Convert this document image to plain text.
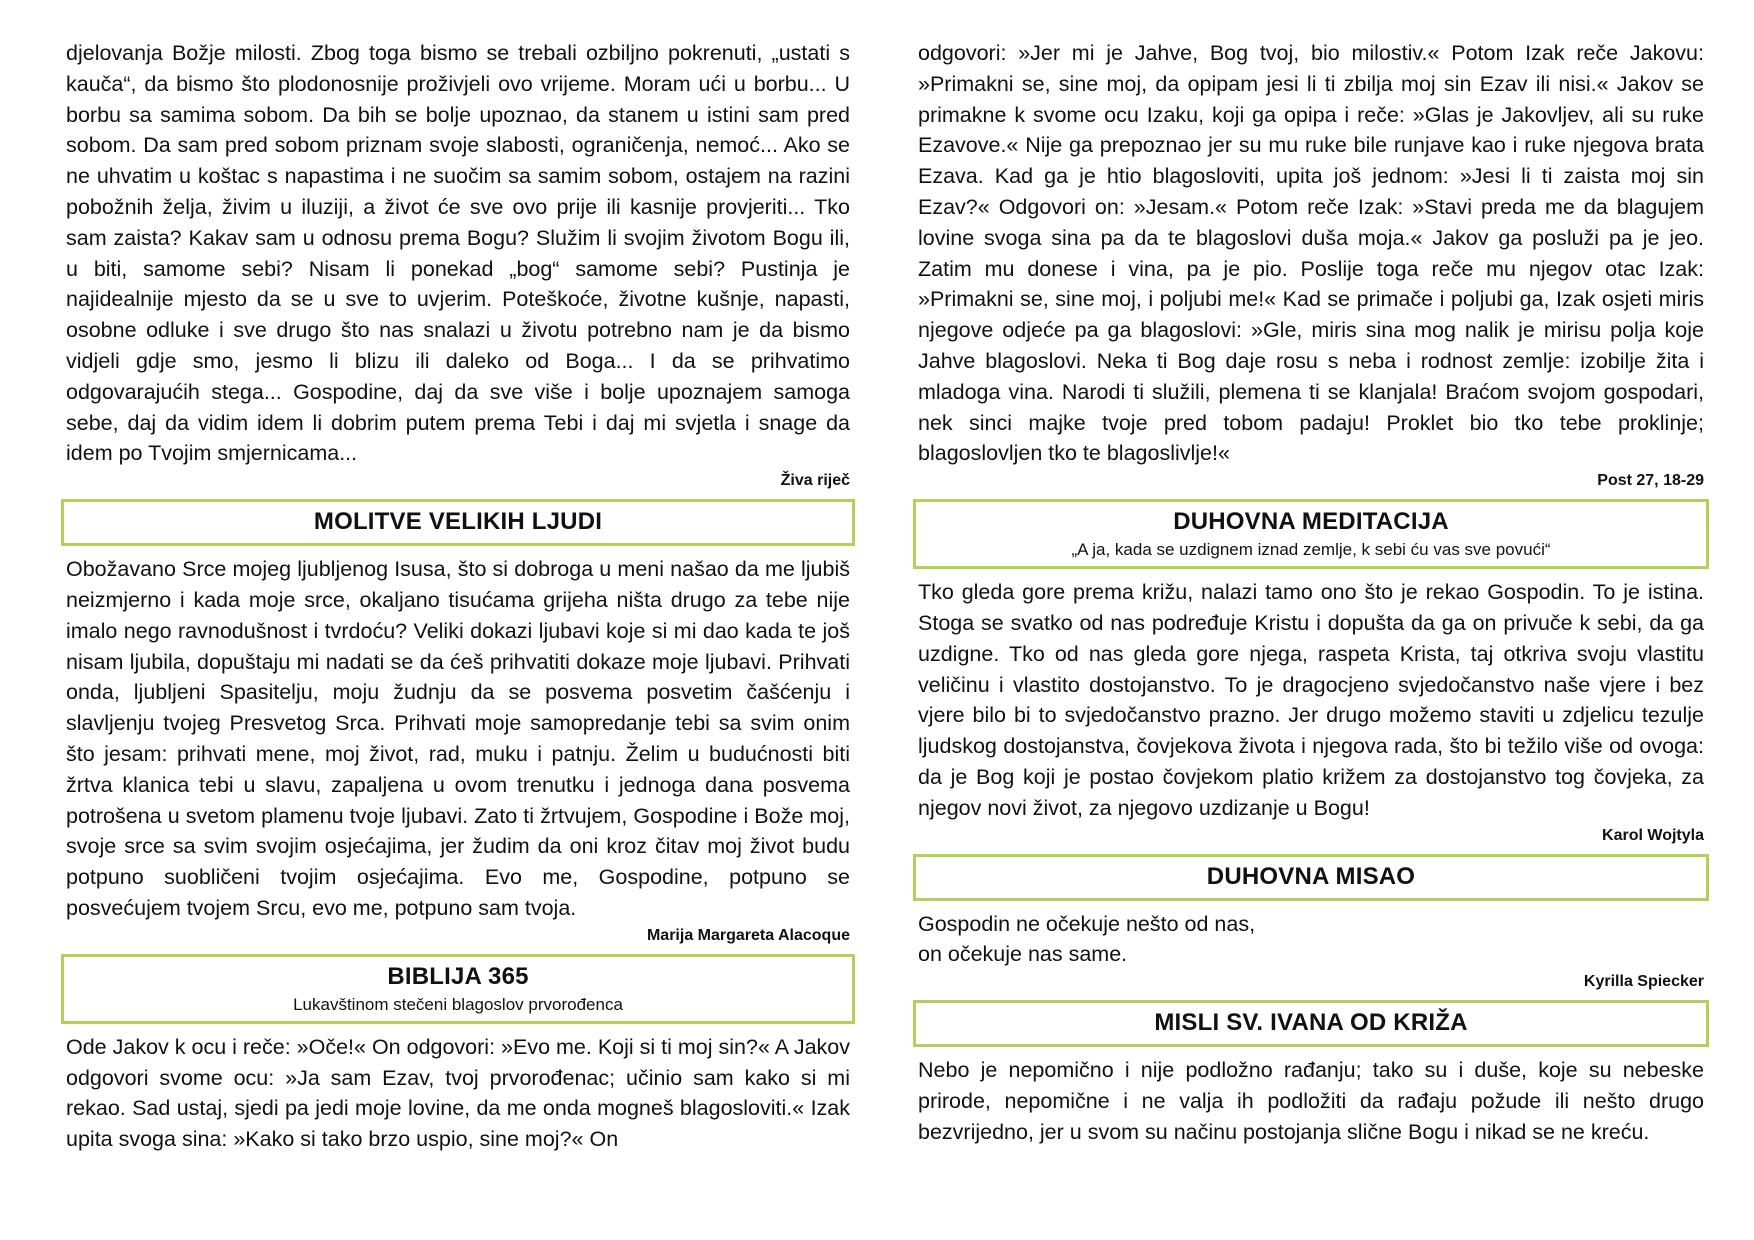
djelovanja Božje milosti. Zbog toga bismo se trebali ozbiljno pokrenuti, „ustati s kauča“, da bismo što plodonosnije proživjeli ovo vrijeme. Moram ući u borbu... U borbu sa samima sobom. Da bih se bolje upoznao, da stanem u istini sam pred sobom. Da sam pred sobom priznam svoje slabosti, ograničenja, nemoć... Ako se ne uhvatim u koštac s napastima i ne suočim sa samim sobom, ostajem na razini pobožnih želja, živim u iluziji, a život će sve ovo prije ili kasnije provjeriti... Tko sam zaista? Kakav sam u odnosu prema Bogu? Služim li svojim životom Bogu ili, u biti, samome sebi? Nisam li ponekad „bog“ samome sebi? Pustinja je najidealnije mjesto da se u sve to uvjerim. Poteškoće, životne kušnje, napasti, osobne odluke i sve drugo što nas snalazi u životu potrebno nam je da bismo vidjeli gdje smo, jesmo li blizu ili daleko od Boga... I da se prihvatimo odgovarajućih stega... Gospodine, daj da sve više i bolje upoznajem samoga sebe, daj da vidim idem li dobrim putem prema Tebi i daj mi svjetla i snage da idem po Tvojim smjernicama...

Živa riječ
MOLITVE VELIKIH LJUDI

Obožavano Srce mojeg ljubljenog Isusa, što si dobroga u meni našao da me ljubiš neizmjerno i kada moje srce, okaljano tisućama grijeha ništa drugo za tebe nije imalo nego ravnodušnost i tvrdoću? Veliki dokazi ljubavi koje si mi dao kada te još nisam ljubila, dopuštaju mi nadati se da ćeš prihvatiti dokaze moje ljubavi. Prihvati onda, ljubljeni Spasitelju, moju žudnju da se posvema posvetim čašćenju i slavljenju tvojeg Presvetog Srca. Prihvati moje samopredanje tebi sa svim onim što jesam: prihvati mene, moj život, rad, muku i patnju. Želim u budućnosti biti žrtva klanica tebi u slavu, zapaljena u ovom trenutku i jednoga dana posvema potrošena u svetom plamenu tvoje ljubavi. Zato ti žrtvujem, Gospodine i Bože moj, svoje srce sa svim svojim osjećajima, jer žudim da oni kroz čitav moj život budu potpuno suobličeni tvojim osjećajima. Evo me, Gospodine, potpuno se posvećujem tvojem Srcu, evo me, potpuno sam tvoja.

Marija Margareta Alacoque
BIBLIJA 365
Lukavštinom stečeni blagoslov prvorođenca

Ode Jakov k ocu i reče: »Oče!« On odgovori: »Evo me. Koji si ti moj sin?« A Jakov odgovori svome ocu: »Ja sam Ezav, tvoj prvorođenac; učinio sam kako si mi rekao. Sad ustaj, sjedi pa jedi moje lovine, da me onda mogneš blagosloviti.« Izak upita svoga sina: »Kako si tako brzo uspio, sine moj?« On

odgovori: »Jer mi je Jahve, Bog tvoj, bio milostiv.« Potom Izak reče Jakovu: »Primakni se, sine moj, da opipam jesi li ti zbilja moj sin Ezav ili nisi.« Jakov se primakne k svome ocu Izaku, koji ga opipa i reče: »Glas je Jakovljev, ali su ruke Ezavove.« Nije ga prepoznao jer su mu ruke bile runjave kao i ruke njegova brata Ezava. Kad ga je htio blagosloviti, upita još jednom: »Jesi li ti zaista moj sin Ezav?« Odgovori on: »Jesam.« Potom reče Izak: »Stavi preda me da blagujem lovine svoga sina pa da te blagoslovi duša moja.« Jakov ga posluži pa je jeo. Zatim mu donese i vina, pa je pio. Poslije toga reče mu njegov otac Izak: »Primakni se, sine moj, i poljubi me!« Kad se primače i poljubi ga, Izak osjeti miris njegove odjeće pa ga blagoslovi: »Gle, miris sina mog nalik je mirisu polja koje Jahve blagoslovi. Neka ti Bog daje rosu s neba i rodnost zemlje: izobilje žita i mladoga vina. Narodi ti služili, plemena ti se klanjala! Braćom svojom gospodari, nek sinci majke tvoje pred tobom padaju! Proklet bio tko tebe proklinje; blagoslovljen tko te blagoslivlje!«

Post 27, 18-29
DUHOVNA MEDITACIJA
„A ja, kada se uzdignem iznad zemlje, k sebi ću vas sve povući“

Tko gleda gore prema križu, nalazi tamo ono što je rekao Gospodin. To je istina. Stoga se svatko od nas podređuje Kristu i dopušta da ga on privuče k sebi, da ga uzdigne. Tko od nas gleda gore njega, raspeta Krista, taj otkriva svoju vlastitu veličinu i vlastito dostojanstvo. To je dragocjeno svjedočanstvo naše vjere i bez vjere bilo bi to svjedočanstvo prazno. Jer drugo možemo staviti u zdjelicu tezulje ljudskog dostojanstva, čovjekova života i njegova rada, što bi težilo više od ovoga: da je Bog koji je postao čovjekom platio križem za dostojanstvo tog čovjeka, za njegov novi život, za njegovo uzdizanje u Bogu!

Karol Wojtyla
DUHOVNA MISAO
Gospodin ne očekuje nešto od nas,
on očekuje nas same.
Kyrilla Spiecker
MISLI SV. IVANA OD KRIŽA

Nebo je nepomično i nije podložno rađanju; tako su i duše, koje su nebeske prirode, nepomične i ne valja ih podložiti da rađaju požude ili nešto drugo bezvrijedno, jer u svom su načinu postojanja slične Bogu i nikad se ne kreću.
